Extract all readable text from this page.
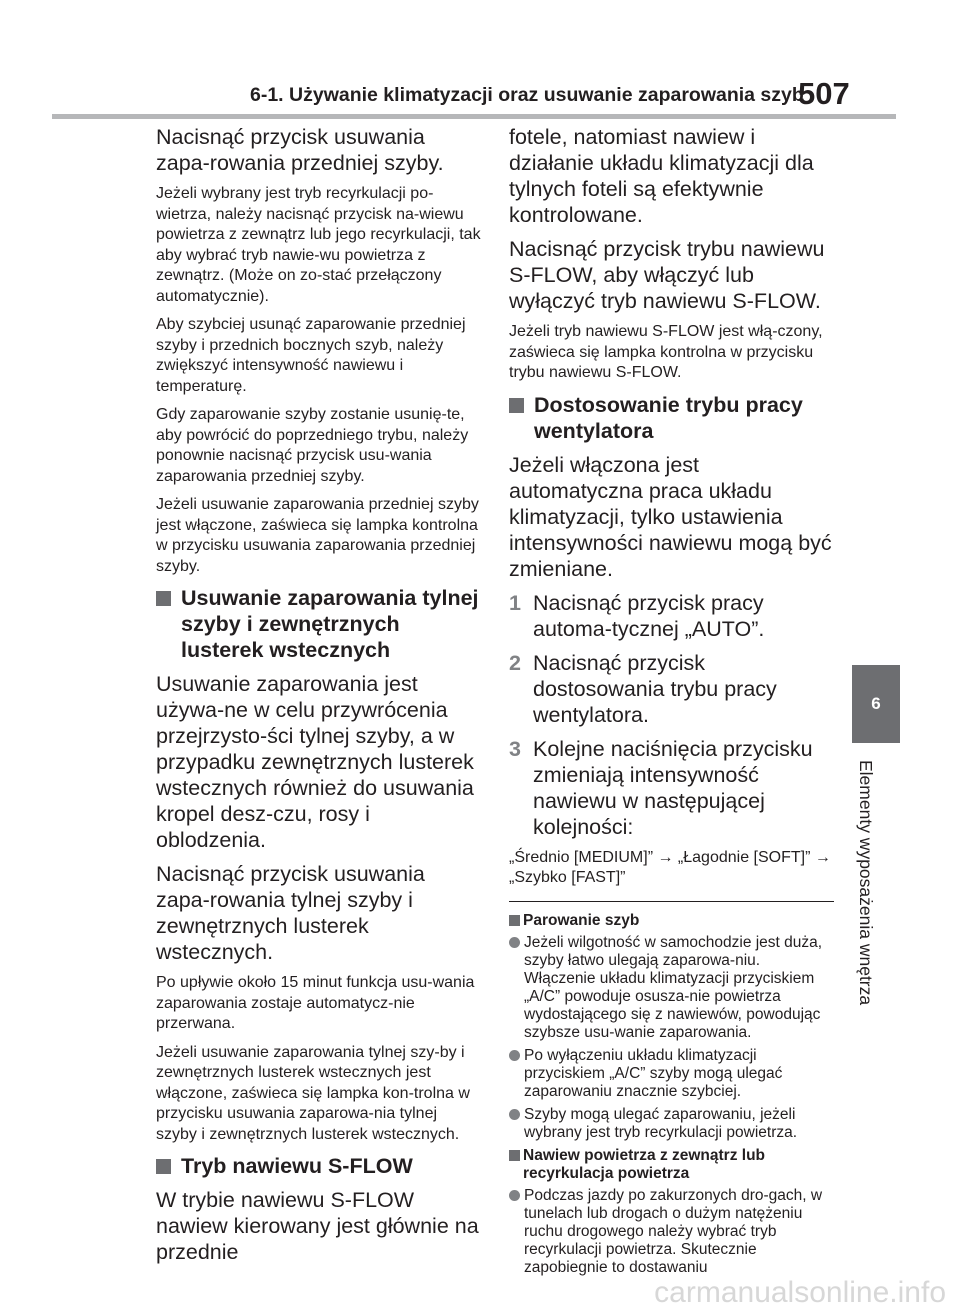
6-1. Używanie klimatyzacji oraz usuwanie zaparowania szyb
507
6
Elementy wyposażenia wnętrza

Nacisnąć przycisk usuwania zapa-rowania przedniej szyby.

Jeżeli wybrany jest tryb recyrkulacji po-wietrza, należy nacisnąć przycisk na-wiewu powietrza z zewnątrz lub jego recyrkulacji, tak aby wybrać tryb nawie-wu powietrza z zewnątrz. (Może on zo-stać przełączony automatycznie).

Aby szybciej usunąć zaparowanie przedniej szyby i przednich bocznych szyb, należy zwiększyć intensywność nawiewu i temperaturę.

Gdy zaparowanie szyby zostanie usunię-te, aby powrócić do poprzedniego trybu, należy ponownie nacisnąć przycisk usu-wania zaparowania przedniej szyby.

Jeżeli usuwanie zaparowania przedniej szyby jest włączone, zaświeca się lampka kontrolna w przycisku usuwania zaparowania przedniej szyby.

Usuwanie zaparowania tylnej szyby i zewnętrznych lusterek wstecznych

Usuwanie zaparowania jest używa-ne w celu przywrócenia przejrzysto-ści tylnej szyby, a w przypadku zewnętrznych lusterek wstecznych również do usuwania kropel desz-czu, rosy i oblodzenia.

Nacisnąć przycisk usuwania zapa-rowania tylnej szyby i zewnętrznych lusterek wstecznych.

Po upływie około 15 minut funkcja usu-wania zaparowania zostaje automatycz-nie przerwana.

Jeżeli usuwanie zaparowania tylnej szy-by i zewnętrznych lusterek wstecznych jest włączone, zaświeca się lampka kon-trolna w przycisku usuwania zaparowa-nia tylnej szyby i zewnętrznych lusterek wstecznych.

Tryb nawiewu S-FLOW

W trybie nawiewu S-FLOW nawiew kierowany jest głównie na przednie

fotele, natomiast nawiew i działanie układu klimatyzacji dla tylnych foteli są efektywnie kontrolowane.

Nacisnąć przycisk trybu nawiewu S-FLOW, aby włączyć lub wyłączyć tryb nawiewu S-FLOW.

Jeżeli tryb nawiewu S-FLOW jest włą-czony, zaświeca się lampka kontrolna w przycisku trybu nawiewu S-FLOW.

Dostosowanie trybu pracy wentylatora

Jeżeli włączona jest automatyczna praca układu klimatyzacji, tylko ustawienia intensywności nawiewu mogą być zmieniane.

1 Nacisnąć przycisk pracy automa-tycznej „AUTO”.
2 Nacisnąć przycisk dostosowania trybu pracy wentylatora.
3 Kolejne naciśnięcia przycisku zmieniają intensywność nawiewu w następującej kolejności:

„Średnio [MEDIUM]” → „Łagodnie [SOFT]” → „Szybko [FAST]”

Parowanie szyb
Jeżeli wilgotność w samochodzie jest duża, szyby łatwo ulegają zaparowa-niu. Włączenie układu klimatyzacji przyciskiem „A/C” powoduje osusza-nie powietrza wydostającego się z nawiewów, powodując szybsze usu-wanie zaparowania.
Po wyłączeniu układu klimatyzacji przyciskiem „A/C” szyby mogą ulegać zaparowaniu znacznie szybciej.
Szyby mogą ulegać zaparowaniu, jeżeli wybrany jest tryb recyrkulacji powietrza.
Nawiew powietrza z zewnątrz lub recyrkulacja powietrza
Podczas jazdy po zakurzonych dro-gach, w tunelach lub drogach o dużym natężeniu ruchu drogowego należy wybrać tryb recyrkulacji powietrza. Skutecznie zapobiegnie to dostawaniu
carmanualsonline.info
